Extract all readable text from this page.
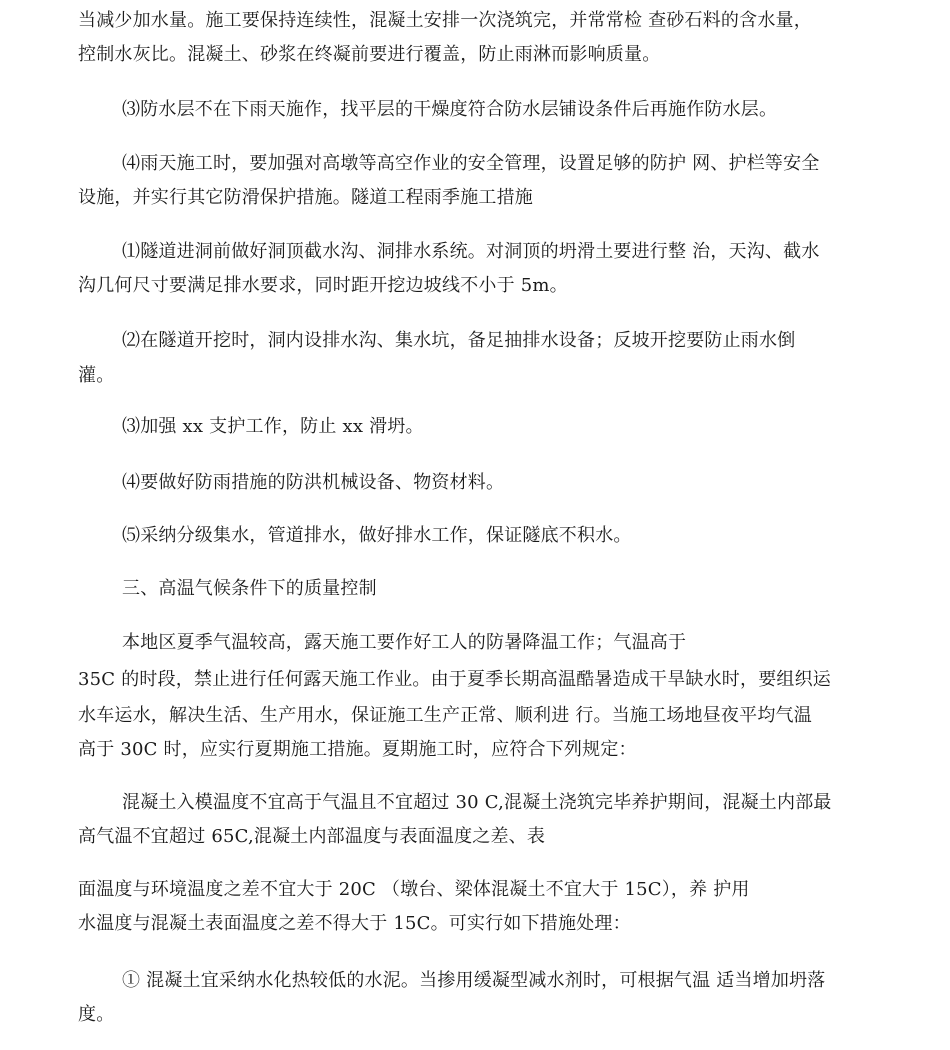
当减少加水量。施工要保持连续性，混凝土安排一次浇筑完，并常常检 查砂石料的含水量，
控制水灰比。混凝土、砂浆在终凝前要进行覆盖，防止雨淋而影响质量。
⑶防水层不在下雨天施作，找平层的干燥度符合防水层铺设条件后再施作防水层。
⑷雨天施工时，要加强对高墩等高空作业的安全管理，设置足够的防护 网、护栏等安全
设施，并实行其它防滑保护措施。隧道工程雨季施工措施
⑴隧道进洞前做好洞顶截水沟、洞排水系统。对洞顶的坍滑土要进行整 治，天沟、截水
沟几何尺寸要满足排水要求，同时距开挖边坡线不小于 5m。
⑵在隧道开挖时，洞内设排水沟、集水坑，备足抽排水设备；反坡开挖要防止雨水倒
灌。
⑶加强 xx 支护工作，防止 xx 滑坍。
⑷要做好防雨措施的防洪机械设备、物资材料。
⑸采纳分级集水，管道排水，做好排水工作，保证隧底不积水。
三、高温气候条件下的质量控制
本地区夏季气温较高，露天施工要作好工人的防暑降温工作；气温高于
35C 的时段，禁止进行任何露天施工作业。由于夏季长期高温酷暑造成干旱缺水时，要组织运
水车运水，解决生活、生产用水，保证施工生产正常、顺利进 行。当施工场地昼夜平均气温
高于 30C 时，应实行夏期施工措施。夏期施工时，应符合下列规定：
混凝土入模温度不宜高于气温且不宜超过 30 C,混凝土浇筑完毕养护期间，混凝土内部最
高气温不宜超过 65C,混凝土内部温度与表面温度之差、表
面温度与环境温度之差不宜大于 20C （墩台、梁体混凝土不宜大于 15C），养 护用
水温度与混凝土表面温度之差不得大于 15C。可实行如下措施处理：
① 混凝土宜采纳水化热较低的水泥。当掺用缓凝型减水剂时，可根据气温 适当增加坍落
度。
